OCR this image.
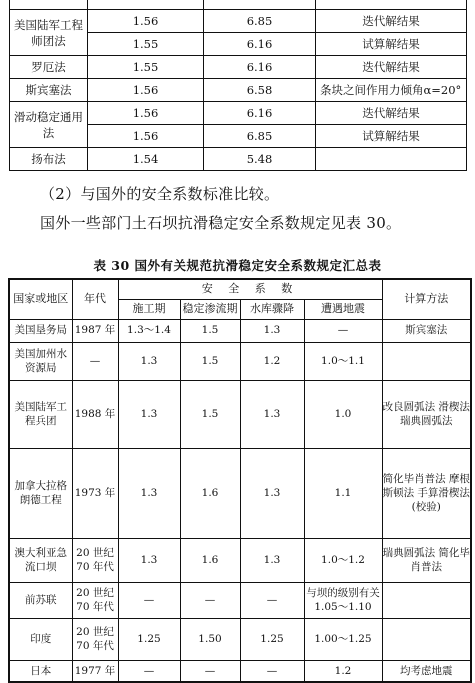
美国陆军工程师团法	1.56	6.85	迭代解结果
	1.55	6.16	试算解结果
罗厄法	1.55	6.16	迭代解结果
斯宾塞法	1.56	6.58	条块之间作用力倾角α=20°
滑动稳定通用法	1.56	6.16	迭代解结果
	1.56	6.85	试算解结果
扬布法	1.54	5.48	
（2）与国外的安全系数标准比较。
国外一些部门土石坝抗滑稳定安全系数规定见表 30。
表 30 国外有关规范抗滑稳定安全系数规定汇总表
国家或地区	年代	安 全 系 数				计算方法
		施工期	稳定渗流期	水库骤降	遭遇地震	
美国垦务局	1987 年	1.3～1.4	1.5	1.3	—	斯宾塞法
美国加州水资源局	—	1.3	1.5	1.2	1.0～1.1	
美国陆军工程兵团	1988 年	1.3	1.5	1.3	1.0	改良圆弧法 滑楔法 瑞典圆弧法
加拿大拉格朗德工程	1973 年	1.3	1.6	1.3	1.1	简化毕肖普法 摩根斯顿法 手算滑楔法 (校验)
澳大利亚急流口坝	20 世纪 70 年代	1.3	1.6	1.3	1.0～1.2	瑞典圆弧法 简化毕肖普法
前苏联	20 世纪 70 年代	—	—	—	与坝的级别有关 1.05～1.10	
印度	20 世纪 70 年代	1.25	1.50	1.25	1.00～1.25	
日本	1977 年	—	—	—	1.2	均考虑地震
